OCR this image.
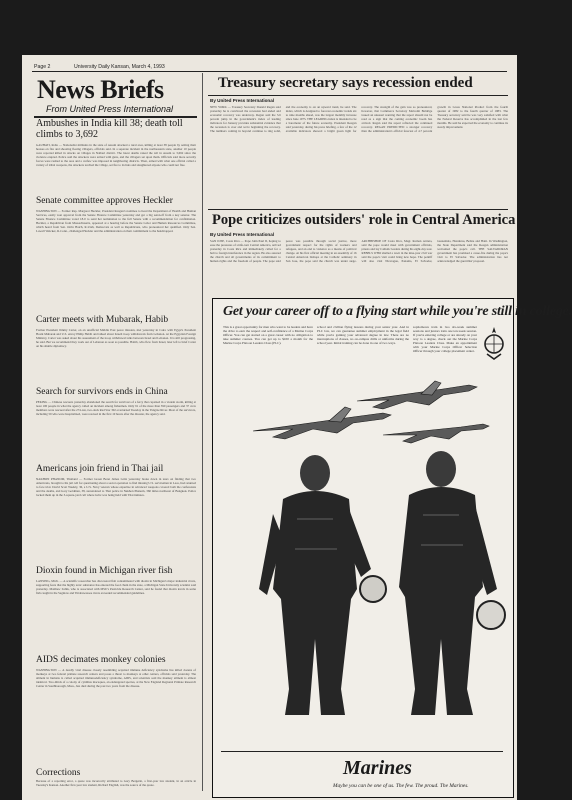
Page 2	University Daily Kansan, March 4, 1993
News Briefs
From United Press International
Ambushes in India kill 38; death toll climbs to 3,692
GAUHATI, India — Nationalist militants in the state of Assam attacked a rural area, killing at least 38 people by setting their houses on fire and shooting fleeing villagers, officials said. In a separate incident in the northeastern state, another 10 people were reported killed in attacks on villages in Nalbari district. The latest deaths raised the toll in Assam to 3,692 since the violence erupted. Police said the attackers were armed with guns, and the villagers set upon them. Officials said more security forces were rushed to the area and a curfew was imposed in neighboring districts. Then, armed with what one official called a variety of tribal weapons, the attackers torched the village, set fire to its huts and slaughtered anyone who could not flee.
Senate committee approves Heckler
WASHINGTON — Former Rep. Margaret Heckler, President Reagan's nominee to head the Department of Health and Human Services, easily won approval from the Senate Finance Committee yesterday and got a big send-off from a key senator. The Senate Finance Committee voted 18-0 to send her nomination to the full Senate with a recommendation for confirmation. Heckler, a Republican from Massachusetts, appeared at a hearing before the Senate Labor and Human Resources Committee, which heard from Sen. Orrin Hatch, R-Utah, Democrats as well as Republicans, who pronounced her qualified. Only Sen. Lowell Weicker, R-Conn., challenged Heckler and the administration on their commitment to the handicapped.
Carter meets with Mubarak, Habib
Former President Jimmy Carter, on an unofficial Middle East peace mission, met yesterday in Cairo with Egypt's President Hosni Mubarak and U.S. envoy Philip Habib and talked about Israeli troop withdrawals from Lebanon. At the Egyptian Foreign Ministry, Carter was asked about his assessment of the troop withdrawal talks between Israel and Lebanon. It is still progressing, he said. But we recommend they work out of Lebanon as soon as possible. Habib, who flew from Israel, later left to brief Carter on his shuttle diplomacy.
Search for survivors ends in China
PEKING — Chinese rescuers yesterday abandoned the search for survivors of a ferry that capsized in a violent storm, killing at least 100 people in what the agency called an incident among fishermen. Only 91 of the more than 390 passengers and 37 crew members were rescued after the 274-ton, two-deck Red Star 302 overturned Tuesday in the Yangtze River. Most of the survivors, including 59 who were hospitalized, were rescued in the first 10 hours after the disaster, the agency said.
Americans join friend in Thai jail
NAKHON PHANOM, Thailand — Former Green Beret James Gritz yesterday broke down in tears on finding that two Americans, brought to his jail cell for questioning about a secret operation to find missing U.S. servicemen in Laos, had returned to face trial. David Scott Weekly, 36, a U.S. Navy veteran whose expertise in advanced weapons covered both the confessions and the deaths, and Gary Goldman, 38, surrendered to Thai police in Nakhon Phanom, 360 miles northeast of Bangkok. Police locked them up in the 3-square-yard cell where Gritz was being held with Thai inmates.
Dioxin found in Michigan river fish
LANSING, Mich. — A scientific researcher has discovered fish contaminated with dioxin in Michigan's major industrial rivers, supporting fears that the highly toxic substance has entered the food chain in the state, a Michigan State University scientist said yesterday. Matthew Zabik, who is associated with MSU's Pesticide Research Center, said he found that dioxin levels in some fish caught in the Saginaw and Tittabawassee rivers exceeded recommended guidelines.
AIDS decimates monkey colonies
WASHINGTON — A deadly viral disease closely resembling acquired immune deficiency syndrome has killed dozens of monkeys at two federal primate research centers and poses a threat to monkeys at other centers, officials said yesterday. The ailment in humans is called acquired immunodeficiency syndrome, AIDS, and scientists said the monkey ailment is almost identical. Two-thirds of a colony of cynthius macaques, an endangered species, at the New England Regional Primate Research Center in Southborough, Mass., has died during the past two years from the disease.
Corrections
Because of a reporting error, a quote was incorrectly attributed to Gary Bergerin, a first-year law student, in an article in Tuesday's Kansan. Another first-year law student, Richard English, was the source of the quote.
Treasury secretary says recession ended
By United Press International
NEW YORK — Treasury Secretary Donald Regan said yesterday he is convinced the recession had ended and economic recovery was underway. Regan said the 3.6 percent jump in the government's index of leading indicators for January provides substantial evidence that the recession is over and we're beginning the recovery. The numbers coming in beyond continue to ring solid, and the economy is on an upward trend, he said. The index, which is designed to forecast economic trends six to nine months ahead, was the largest monthly increase since June 1975. THE LEADING index is intended to be a barometer of the future economy. President Reagan said yesterday, during his press briefing, a few of the 12 available indicators showed a bright green light for recovery. The strength of the gain was so pronounced, however, that Commerce Secretary Malcolm Baldrige issued an unusual warning that the report should not be read as a sign that the coming economic boom has arrived. Regan said the report reflected the continued recovery. REGAN PREDICTED a stronger recovery than the administration's official forecast of 4.7 percent growth in Gross National Product from the fourth quarter of 1982 to the fourth quarter of 1983. The Treasury secretary said he was very satisfied with what the Federal Reserve has accomplished in the last few months. He said he expected the economy to continue its steady improvement.
Pope criticizes outsiders' role in Central America
By United Press International
SAN JOSE, Costa Rica — Pope John Paul II, hoping to ease the pressures of strife-torn Central America, arrived yesterday in Costa Rica and immediately called for a halt to foreign interference in the region. He also assured the church and all governments of its commitment to human rights and the freedom of people. The pope said peace was possible through social justice, more government respect for the rights of workers and refugees, and an end to violence as a means of political change. At his first official meeting in an assembly of 16 Central American bishops at the Catholic seminary in San Jose, the pope said the church was under siege. ARCHBISHOP OF Costa Rica, Msgr. Roman Arrieta, said the pope would meet with government officials, priests and lay Catholic leaders during his eight-day tour. REBELS WHO shelled a town in the nine-year civil war said the pope's visit could bring new hope. The pontiff will also visit Nicaragua, Panama, El Salvador, Guatemala, Honduras, Belize and Haiti. In Washington, the State Department said the Reagan administration welcomed the pope's call. THE SALVADORAN government has promised a cease-fire during the pope's visit to El Salvador. The administration has not acknowledged the guerrillas' proposal.
Get your career off to a flying start while you're still in college.
This is a great opportunity for men who want to be leaders and have the drive to earn the respect and self-confidence of a Marine Corps Officer. You can get started on a great career with no obligation to take summer courses. You can get up to $100 a month for the Marine Corps Platoon Leaders Class (PLC).
school and civilian flying lessons during your senior year. And in PLC law, we can guarantee summer employment in the legal field while you're gaining your advanced degree in law. There are no interruptions of classes, no on-campus drills or uniforms during the school year. Initial training can be done in one of two ways.
sophomores train in two six-week summer sessions and juniors train one ten-week session. If you're entering college or are already on your way to a degree, check out the Marine Corps Platoon Leaders Class. Make an appointment with your Marine Corps Officer Selection Officer through your college placement center.
Marines
Maybe you can be one of us. The few. The proud. The Marines.
